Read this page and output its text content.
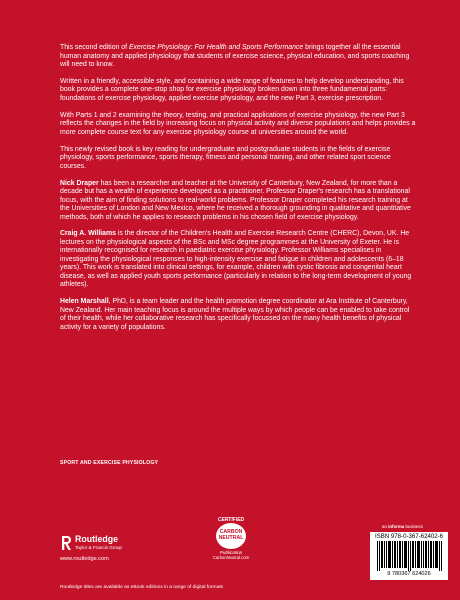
This second edition of Exercise Physiology: For Health and Sports Performance brings together all the essential human anatomy and applied physiology that students of exercise science, physical education, and sports coaching will need to know.

Written in a friendly, accessible style, and containing a wide range of features to help develop understanding, this book provides a complete one-stop shop for exercise physiology broken down into three fundamental parts: foundations of exercise physiology, applied exercise physiology, and the new Part 3, exercise prescription.

With Parts 1 and 2 examining the theory, testing, and practical applications of exercise physiology, the new Part 3 reflects the changes in the field by increasing focus on physical activity and diverse populations and helps provides a more complete course text for any exercise physiology course at universities around the world.

This newly revised book is key reading for undergraduate and postgraduate students in the fields of exercise physiology, sports performance, sports therapy, fitness and personal training, and other related sport science courses.

Nick Draper has been a researcher and teacher at the University of Canterbury, New Zealand, for more than a decade but has a wealth of experience developed as a practitioner. Professor Draper's research has a translational focus, with the aim of finding solutions to real-world problems. Professor Draper completed his research training at the Universities of London and New Mexico, where he received a thorough grounding in qualitative and quantitative methods, both of which he applies to research problems in his chosen field of exercise physiology.

Craig A. Williams is the director of the Children's Health and Exercise Research Centre (CHERC), Devon, UK. He lectures on the physiological aspects of the BSc and MSc degree programmes at the University of Exeter. He is internationally recognised for research in paediatric exercise physiology. Professor Williams specialises in investigating the physiological responses to high-intensity exercise and fatigue in children and adolescents (6–18 years). This work is translated into clinical settings, for example, children with cystic fibrosis and congenital heart disease, as well as applied youth sports performance (particularly in relation to the long-term development of young athletes).

Helen Marshall, PhD, is a team leader and the health promotion degree coordinator at Ara Institute of Canterbury, New Zealand. Her main teaching focus is around the multiple ways by which people can be enabled to take control of their health, while her collaborative research has specifically focussed on the many health benefits of physical activity for a variety of populations.

SPORT AND EXERCISE PHYSIOLOGY
Routledge
Taylor & Francis Group
www.routledge.com
CERTIFIED
CARBON
NEUTRAL
Publication
CarbonNeutral.com
an informa business
ISBN 978-0-367-62402-6
9 780367 624026
Routledge titles are available as eBook editions in a range of digital formats
